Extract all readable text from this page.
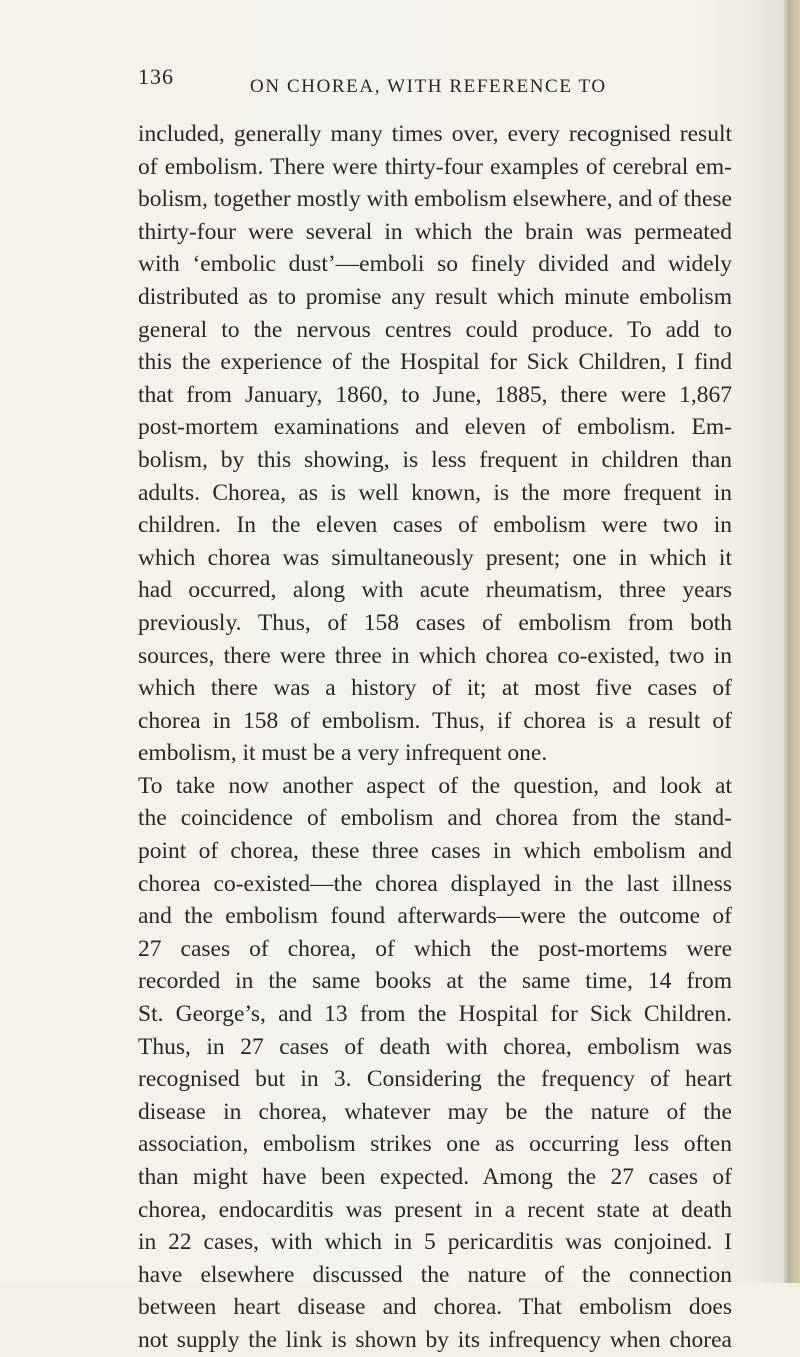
136	ON CHOREA, WITH REFERENCE TO
included, generally many times over, every recognised result
of embolism. There were thirty-four examples of cerebral em-
bolism, together mostly with embolism elsewhere, and of these
thirty-four were several in which the brain was permeated
with ‘embolic dust’—emboli so finely divided and widely
distributed as to promise any result which minute embolism
general to the nervous centres could produce. To add to
this the experience of the Hospital for Sick Children, I find
that from January, 1860, to June, 1885, there were 1,867
post-mortem examinations and eleven of embolism. Em-
bolism, by this showing, is less frequent in children than
adults. Chorea, as is well known, is the more frequent in
children. In the eleven cases of embolism were two in
which chorea was simultaneously present; one in which it
had occurred, along with acute rheumatism, three years
previously. Thus, of 158 cases of embolism from both
sources, there were three in which chorea co-existed, two in
which there was a history of it; at most five cases of
chorea in 158 of embolism. Thus, if chorea is a result of
embolism, it must be a very infrequent one.
To take now another aspect of the question, and look at
the coincidence of embolism and chorea from the stand-
point of chorea, these three cases in which embolism and
chorea co-existed—the chorea displayed in the last illness
and the embolism found afterwards—were the outcome of
27 cases of chorea, of which the post-mortems were
recorded in the same books at the same time, 14 from
St. George’s, and 13 from the Hospital for Sick Children.
Thus, in 27 cases of death with chorea, embolism was
recognised but in 3. Considering the frequency of heart
disease in chorea, whatever may be the nature of the
association, embolism strikes one as occurring less often
than might have been expected. Among the 27 cases of
chorea, endocarditis was present in a recent state at death
in 22 cases, with which in 5 pericarditis was conjoined. I
have elsewhere discussed the nature of the connection
between heart disease and chorea. That embolism does
not supply the link is shown by its infrequency when chorea
